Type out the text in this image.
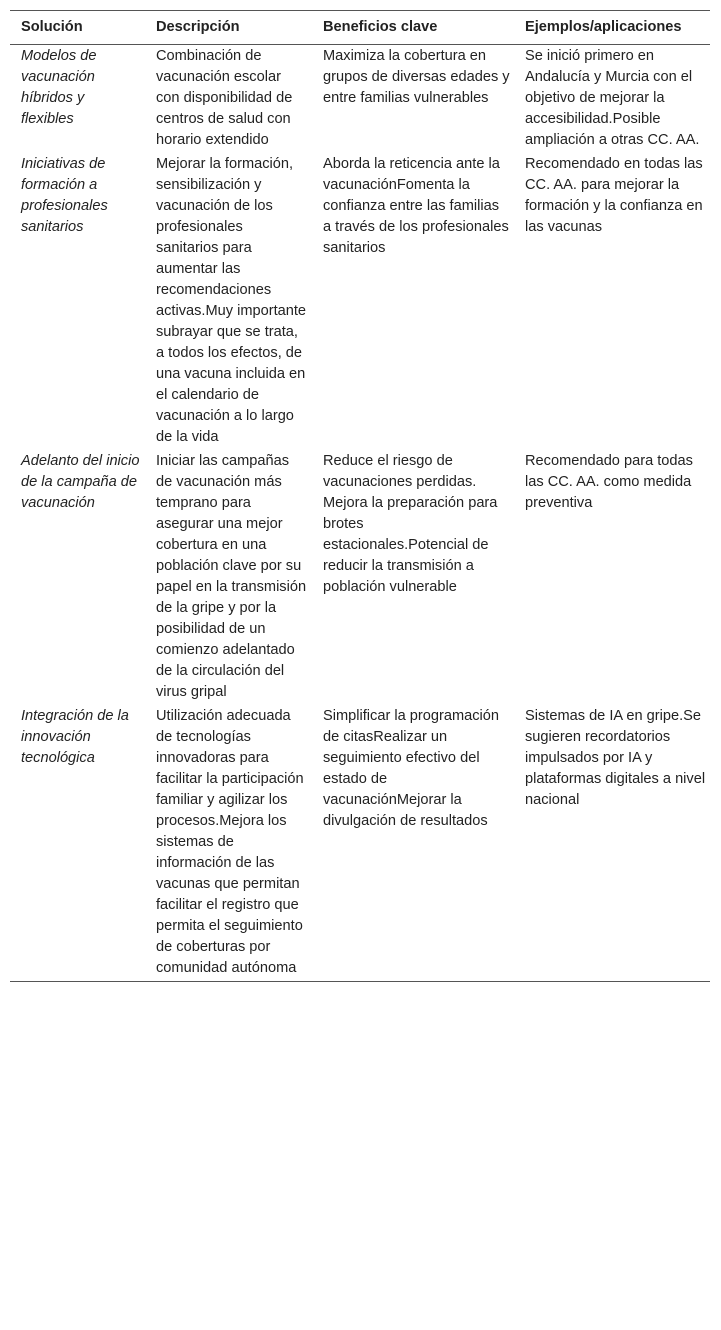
Solución	Descripción	Beneficios clave	Ejemplos/aplicaciones
Modelos de vacunación híbridos y flexibles	Combinación de vacunación escolar con disponibilidad de centros de salud con horario extendido	Maximiza la cobertura en grupos de diversas edades y entre familias vulnerables	Se inició primero en Andalucía y Murcia con el objetivo de mejorar la accesibilidad.Posible ampliación a otras CC. AA.
Iniciativas de formación a profesionales sanitarios	Mejorar la formación, sensibilización y vacunación de los profesionales sanitarios para aumentar las recomendaciones activas.Muy importante subrayar que se trata, a todos los efectos, de una vacuna incluida en el calendario de vacunación a lo largo de la vida	Aborda la reticencia ante la vacunaciónFomenta la confianza entre las familias a través de los profesionales sanitarios	Recomendado en todas las CC. AA. para mejorar la formación y la confianza en las vacunas
Adelanto del inicio de la campaña de vacunación	Iniciar las campañas de vacunación más temprano para asegurar una mejor cobertura en una población clave por su papel en la transmisión de la gripe y por la posibilidad de un comienzo adelantado de la circulación del virus gripal	Reduce el riesgo de vacunaciones perdidas. Mejora la preparación para brotes estacionales.Potencial de reducir la transmisión a población vulnerable	Recomendado para todas las CC. AA. como medida preventiva
Integración de la innovación tecnológica	Utilización adecuada de tecnologías innovadoras para facilitar la participación familiar y agilizar los procesos.Mejora los sistemas de información de las vacunas que permitan facilitar el registro que permita el seguimiento de coberturas por comunidad autónoma	Simplificar la programación de citasRealizar un seguimiento efectivo del estado de vacunaciónMejorar la divulgación de resultados	Sistemas de IA en gripe.Se sugieren recordatorios impulsados por IA y plataformas digitales a nivel nacional
